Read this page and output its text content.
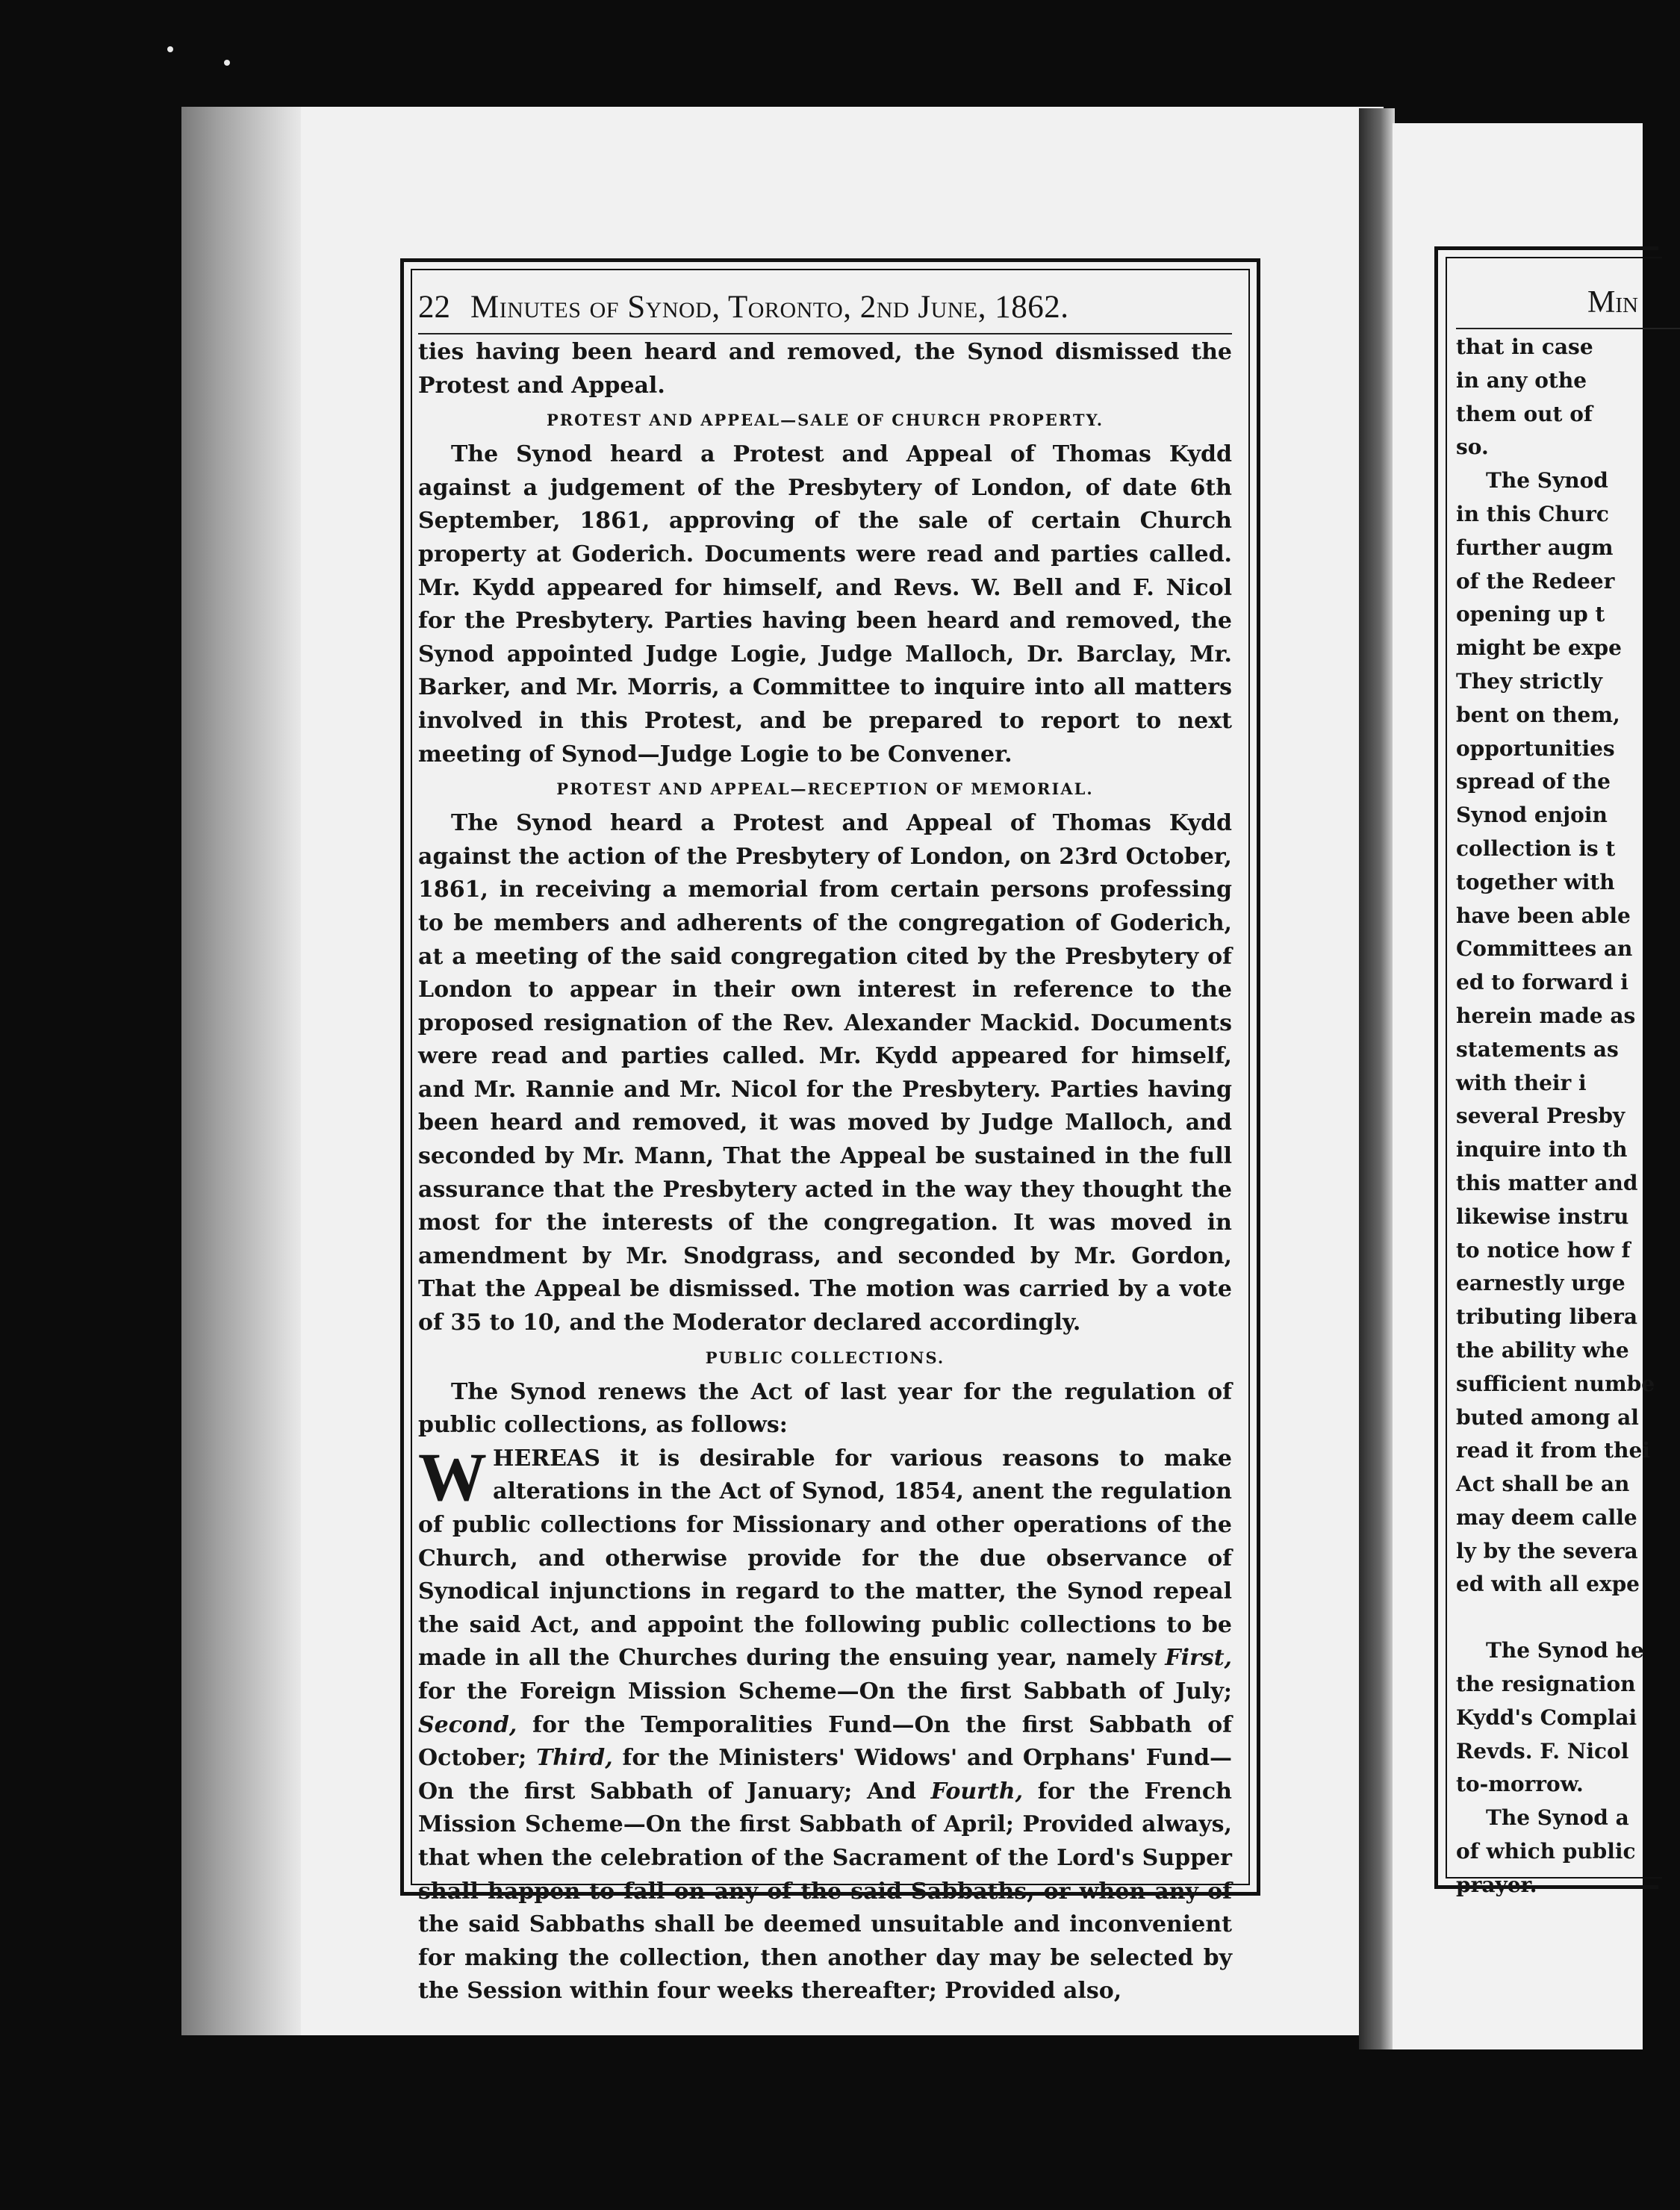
22 Minutes of Synod, Toronto, 2nd June, 1862.

ties having been heard and removed, the Synod dismissed the Protest and Appeal.

PROTEST AND APPEAL—SALE OF CHURCH PROPERTY.

The Synod heard a Protest and Appeal of Thomas Kydd against a judgement of the Presbytery of London, of date 6th September, 1861, approving of the sale of certain Church property at Goderich. Documents were read and parties called. Mr. Kydd appeared for himself, and Revs. W. Bell and F. Nicol for the Presbytery. Parties having been heard and removed, the Synod appointed Judge Logie, Judge Malloch, Dr. Barclay, Mr. Barker, and Mr. Morris, a Committee to inquire into all matters involved in this Protest, and be prepared to report to next meeting of Synod—Judge Logie to be Convener.

PROTEST AND APPEAL—RECEPTION OF MEMORIAL.

The Synod heard a Protest and Appeal of Thomas Kydd against the action of the Presbytery of London, on 23rd October, 1861, in receiving a memorial from certain persons professing to be members and adherents of the congregation of Goderich, at a meeting of the said congregation cited by the Presbytery of London to appear in their own interest in reference to the proposed resignation of the Rev. Alexander Mackid. Documents were read and parties called. Mr. Kydd appeared for himself, and Mr. Rannie and Mr. Nicol for the Presbytery. Parties having been heard and removed, it was moved by Judge Malloch, and seconded by Mr. Mann, That the Appeal be sustained in the full assurance that the Presbytery acted in the way they thought the most for the interests of the congregation. It was moved in amendment by Mr. Snodgrass, and seconded by Mr. Gordon, That the Appeal be dismissed. The motion was carried by a vote of 35 to 10, and the Moderator declared accordingly.

PUBLIC COLLECTIONS.

The Synod renews the Act of last year for the regulation of public collections, as follows:

WHEREAS it is desirable for various reasons to make alterations in the Act of Synod, 1854, anent the regulation of public collections for Missionary and other operations of the Church, and otherwise provide for the due observance of Synodical injunctions in regard to the matter, the Synod repeal the said Act, and appoint the following public collections to be made in all the Churches during the ensuing year, namely First, for the Foreign Mission Scheme—On the first Sabbath of July; Second, for the Temporalities Fund—On the first Sabbath of October; Third, for the Ministers' Widows' and Orphans' Fund—On the first Sabbath of January; And Fourth, for the French Mission Scheme—On the first Sabbath of April; Provided always, that when the celebration of the Sacrament of the Lord's Supper shall happen to fall on any of the said Sabbaths, or when any of the said Sabbaths shall be deemed unsuitable and inconvenient for making the collection, then another day may be selected by the Session within four weeks thereafter; Provided also,

Min
that in case
in any othe
them out of
so.
The Synod
in this Churc
further augm
of the Redeer
opening up t
might be expe
They strictly
bent on them,
opportunities
spread of the
Synod enjoin
collection is t
together with
have been able
Committees an
ed to forward i
herein made as
statements as
with their i
several Presby
inquire into th
this matter and
likewise instru
to notice how f
earnestly urge
tributing libera
the ability whe
sufficient numbe
buted among al
read it from thei
Act shall be an
may deem calle
ly by the severa
ed with all expe
The Synod he
the resignation
Kydd's Complai
Revds. F. Nicol
to-morrow.
The Synod a
of which public
prayer.
